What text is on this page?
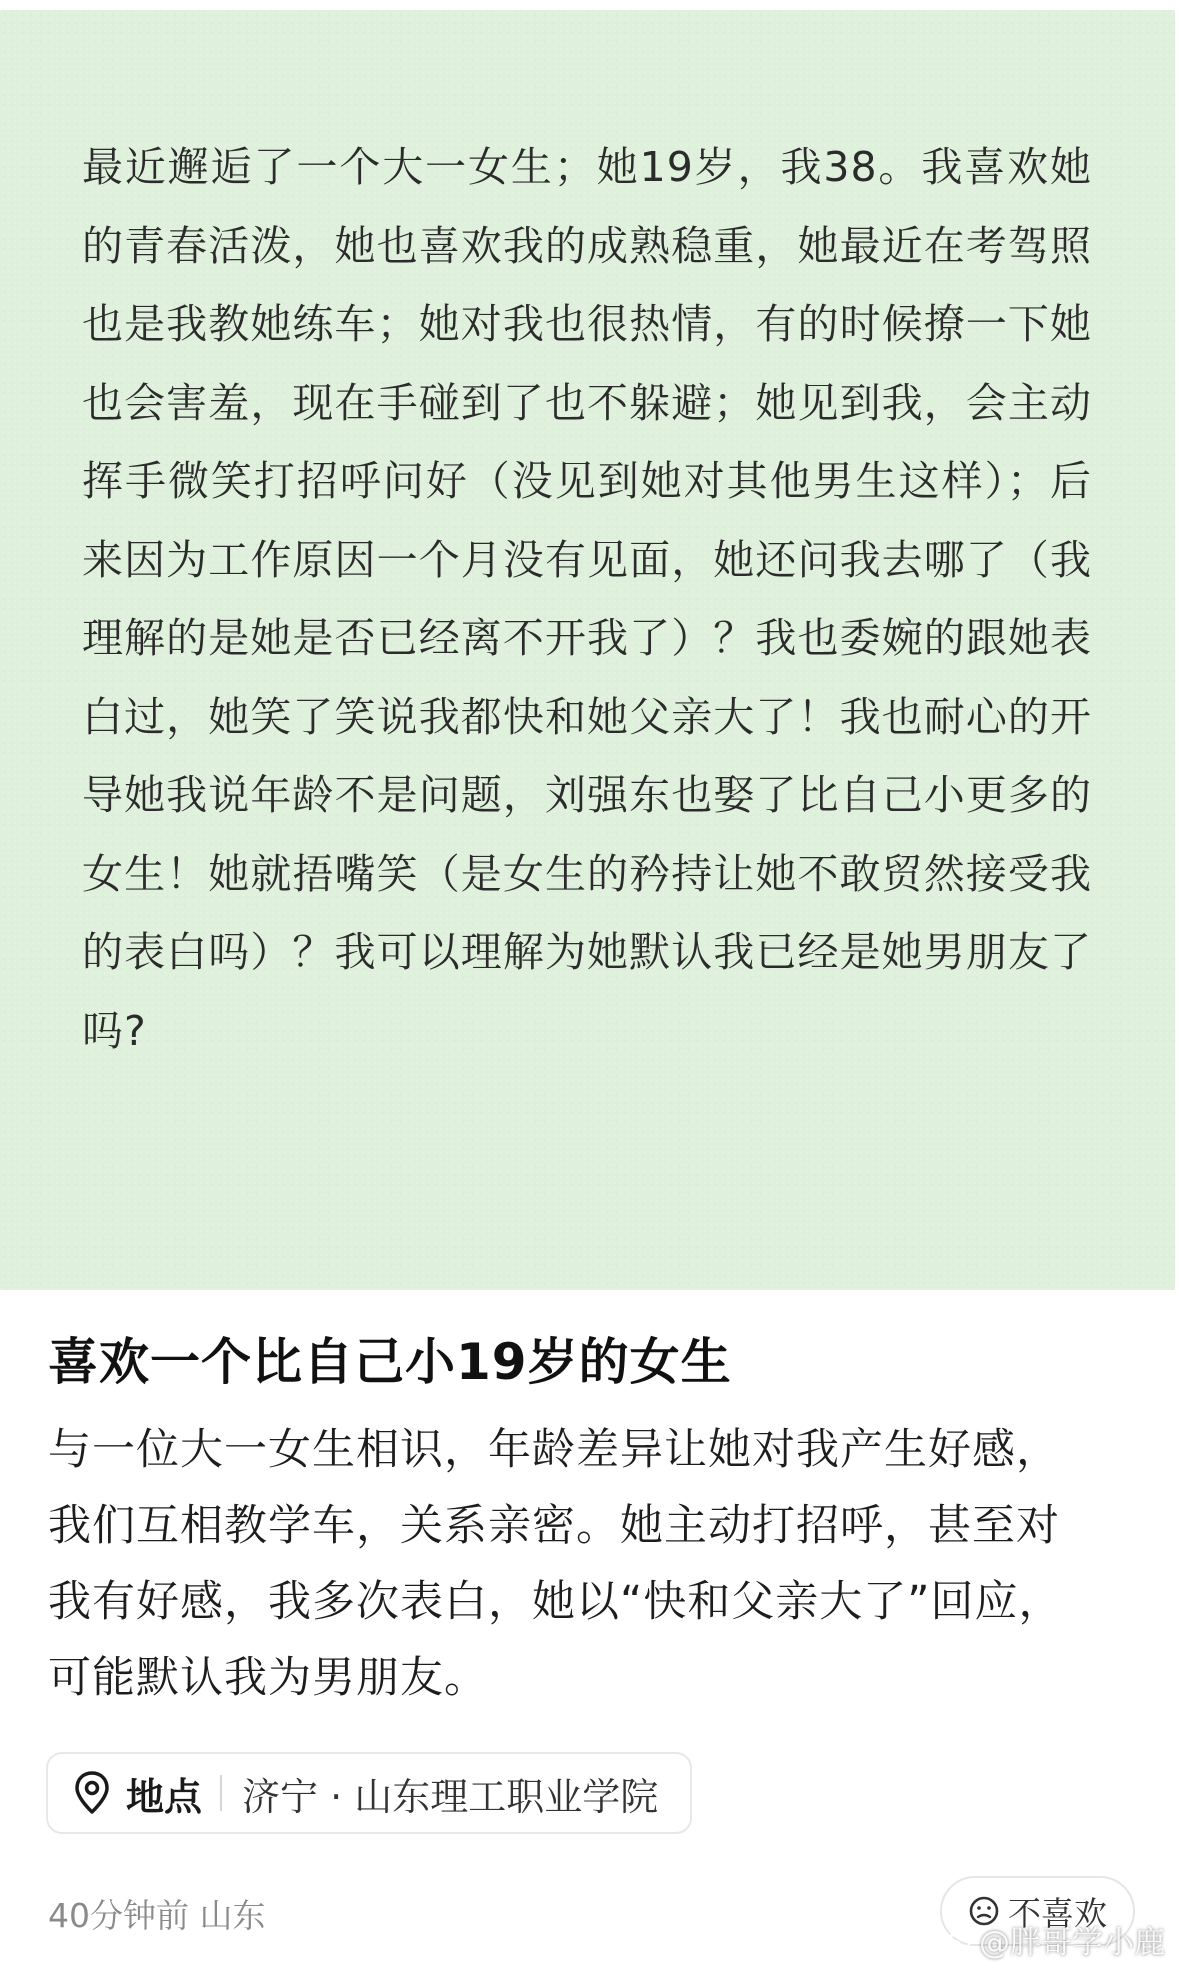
最近邂逅了一个大一女生；她19岁，我38。我喜欢她的青春活泼，她也喜欢我的成熟稳重，她最近在考驾照也是我教她练车；她对我也很热情，有的时候撩一下她也会害羞，现在手碰到了也不躲避；她见到我，会主动挥手微笑打招呼问好（没见到她对其他男生这样）；后来因为工作原因一个月没有见面，她还问我去哪了（我理解的是她是否已经离不开我了）？我也委婉的跟她表白过，她笑了笑说我都快和她父亲大了！我也耐心的开导她我说年龄不是问题，刘强东也娶了比自己小更多的女生！她就捂嘴笑（是女生的矜持让她不敢贸然接受我的表白吗）？我可以理解为她默认我已经是她男朋友了吗?

喜欢一个比自己小19岁的女生

与一位大一女生相识，年龄差异让她对我产生好感，我们互相教学车，关系亲密。她主动打招呼，甚至对我有好感，我多次表白，她以“快和父亲大了”回应，可能默认我为男朋友。

地点 济宁 · 山东理工职业学院
40分钟前 山东	不喜欢
@胖哥学小鹿
